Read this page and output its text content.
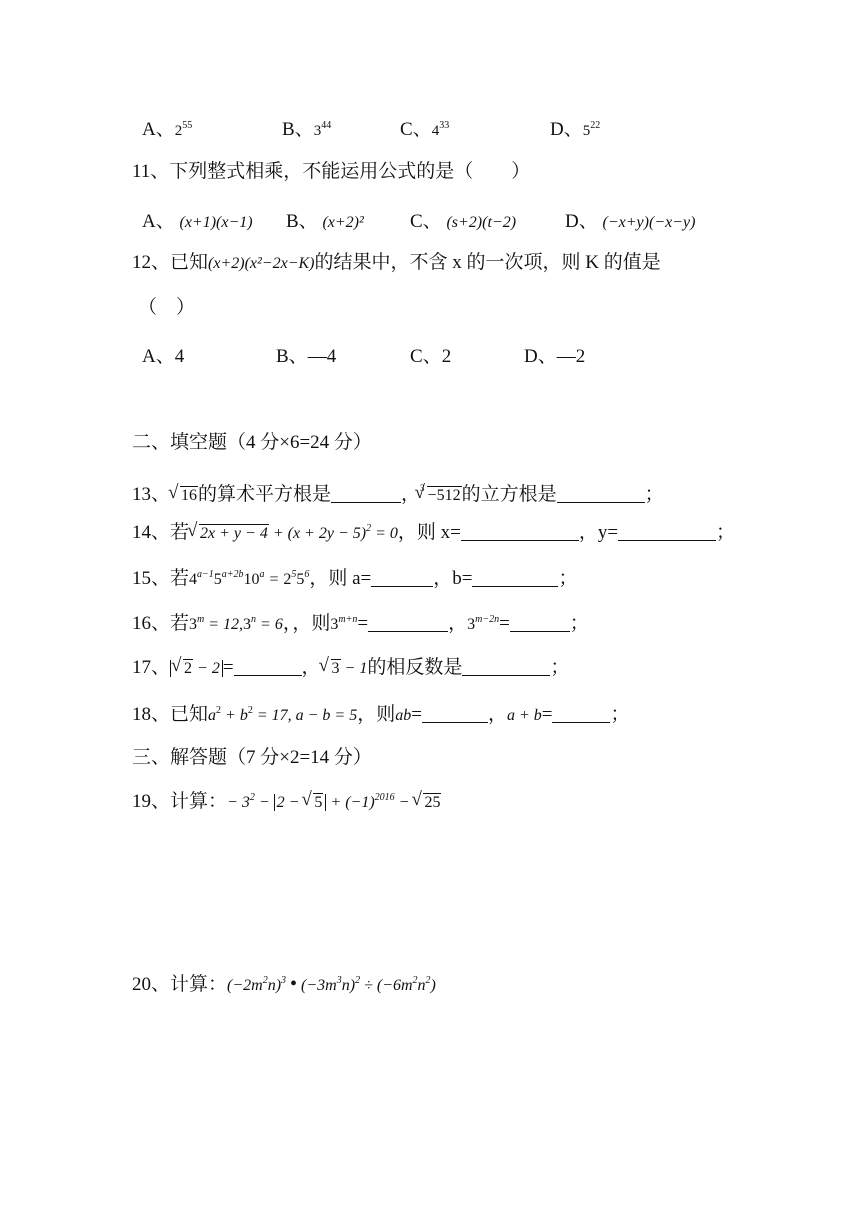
A、$2^{55}$	B、$3^{44}$	C、$4^{33}$	D、$5^{22}$
11、下列整式相乘，不能运用公式的是（　　）
A、 (x+1)(x−1) B、 (x+2)² C、 (s+2)(t−2)	D、 (−x+y)(−x−y)
12、已知(x+2)(x²−2x−K)的结果中，不含 x 的一次项，则 K 的值是
（　）
A、4	B、—4	C、2	D、—2
二、填空题（4 分×6=24 分）
13、 √ 16的算术平方根是	，$^3$ √ −512的立方根是	；
14、若 √ $2x + y - 4 + (x + 2y - 5)^2 = 0$，则 x=	，y=	；
15、若$4^{a-1}5^{a+2b}10^a = 2^55^6$，则 a=	，b=	；
16、若$3^m = 12,3^n = 6$，，则$3^{m+n}=$	，$3^{m-2n}=$	；
17、 √ 2 − 2 =	， √ 3 − 1的相反数是	；
18、已知$a^2 + b^2 = 17$, a − b = 5，则ab=	，a + b=	；
三、解答题（7 分×2=14 分）
19、计算：− $3^2 - 2$ − √ $5 + (-1)^{2016}$ − √ 25
20、计算：$(-2m^2n)^3$ • $(-3m^3n)^2 \div (-6m^2n^2)$
